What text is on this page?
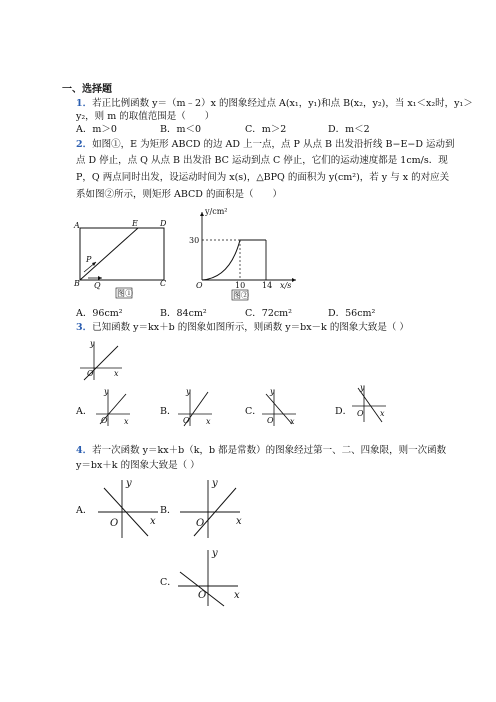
一、选择题
1．若正比例函数 y＝（m﹣2）x 的图象经过点 A(x₁，y₁)和点 B(x₂，y₂)，当 x₁＜x₂时，y₁＞
y₂，则 m 的取值范围是（　　）
A．m＞0	B．m＜0	C．m＞2	D．m＜2
2．如图①，E 为矩形 ABCD 的边 AD 上一点，点 P 从点 B 出发沿折线 B−E−D 运动到
点 D 停止，点 Q 从点 B 出发沿 BC 运动到点 C 停止，它们的运动速度都是 1cm/s．现
P，Q 两点同时出发，设运动时间为 x(s)，△BPQ 的面积为 y(cm²)，若 y 与 x 的对应关
系如图②所示，则矩形 ABCD 的面积是（　　）
A	E	D
B	C
P
Q
图①
y/cm²
30
O	10 14 x/s
图②
A．96cm²	B．84cm²	C．72cm²	D．56cm²
3．已知函数 y＝kx＋b 的图象如图所示，则函数 y＝bx－k 的图象大致是（ ）
y
x
O
A．
y
x
O
B．
y
x
O
C．
y
x
O
D．
y
x
O
4．若一次函数 y＝kx＋b（k，b 都是常数）的图象经过第一、二、四象限，则一次函数
y＝bx＋k 的图象大致是（ ）
A．
y
x
O
B．
y
x
O
C．
y
x
O
